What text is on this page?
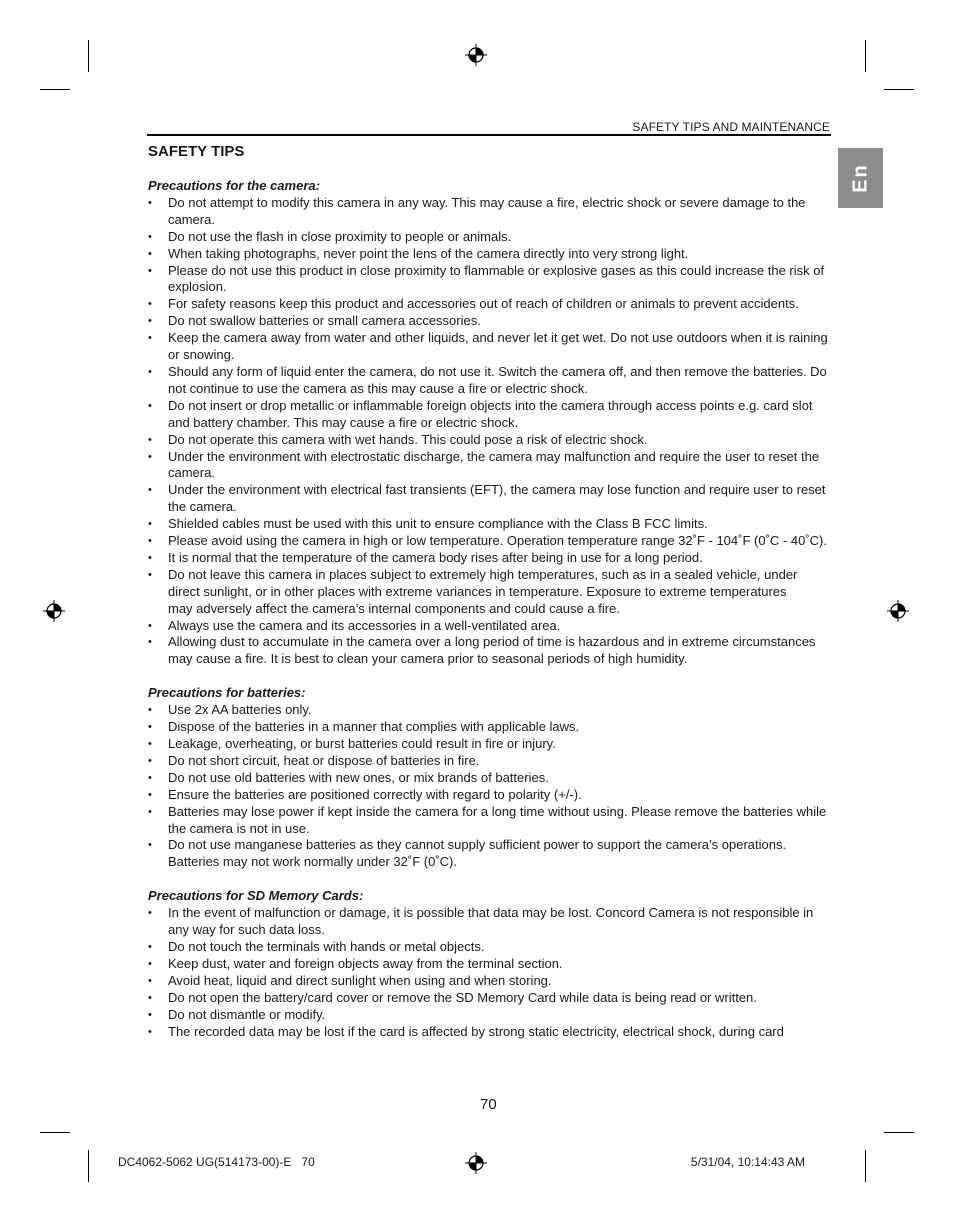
SAFETY TIPS AND MAINTENANCE
En
SAFETY TIPS

Precautions for the camera:

• Do not attempt to modify this camera in any way. This may cause a fire, electric shock or severe damage to the camera.
• Do not use the flash in close proximity to people or animals.
• When taking photographs, never point the lens of the camera directly into very strong light.
• Please do not use this product in close proximity to flammable or explosive gases as this could increase the risk of explosion.
• For safety reasons keep this product and accessories out of reach of children or animals to prevent accidents.
• Do not swallow batteries or small camera accessories.
• Keep the camera away from water and other liquids, and never let it get wet. Do not use outdoors when it is raining or snowing.
• Should any form of liquid enter the camera, do not use it. Switch the camera off, and then remove the batteries. Do not continue to use the camera as this may cause a fire or electric shock.
• Do not insert or drop metallic or inflammable foreign objects into the camera through access points e.g. card slot and battery chamber. This may cause a fire or electric shock.
• Do not operate this camera with wet hands. This could pose a risk of electric shock.
• Under the environment with electrostatic discharge, the camera may malfunction and require the user to reset the camera.
• Under the environment with electrical fast transients (EFT), the camera may lose function and require user to reset the camera.
• Shielded cables must be used with this unit to ensure compliance with the Class B FCC limits.
• Please avoid using the camera in high or low temperature. Operation temperature range 32˚F - 104˚F (0˚C - 40˚C).
• It is normal that the temperature of the camera body rises after being in use for a long period.
• Do not leave this camera in places subject to extremely high temperatures, such as in a sealed vehicle, under direct sunlight, or in other places with extreme variances in temperature. Exposure to extreme temperatures
may adversely affect the camera’s internal components and could cause a fire.
• Always use the camera and its accessories in a well-ventilated area.
• Allowing dust to accumulate in the camera over a long period of time is hazardous and in extreme circumstances may cause a fire. It is best to clean your camera prior to seasonal periods of high humidity.

Precautions for batteries:

• Use 2x AA batteries only.
• Dispose of the batteries in a manner that complies with applicable laws.
• Leakage, overheating, or burst batteries could result in fire or injury.
• Do not short circuit, heat or dispose of batteries in fire.
• Do not use old batteries with new ones, or mix brands of batteries.
• Ensure the batteries are positioned correctly with regard to polarity (+/-).
• Batteries may lose power if kept inside the camera for a long time without using. Please remove the batteries while the camera is not in use.
• Do not use manganese batteries as they cannot supply sufficient power to support the camera’s operations. Batteries may not work normally under 32˚F (0˚C).

Precautions for SD Memory Cards:

• In the event of malfunction or damage, it is possible that data may be lost. Concord Camera is not responsible in any way for such data loss.
• Do not touch the terminals with hands or metal objects.
• Keep dust, water and foreign objects away from the terminal section.
• Avoid heat, liquid and direct sunlight when using and when storing.
• Do not open the battery/card cover or remove the SD Memory Card while data is being read or written.
• Do not dismantle or modify.
• The recorded data may be lost if the card is affected by strong static electricity, electrical shock, during card
70
DC4062-5062 UG(514173-00)-E   70	5/31/04, 10:14:43 AM
